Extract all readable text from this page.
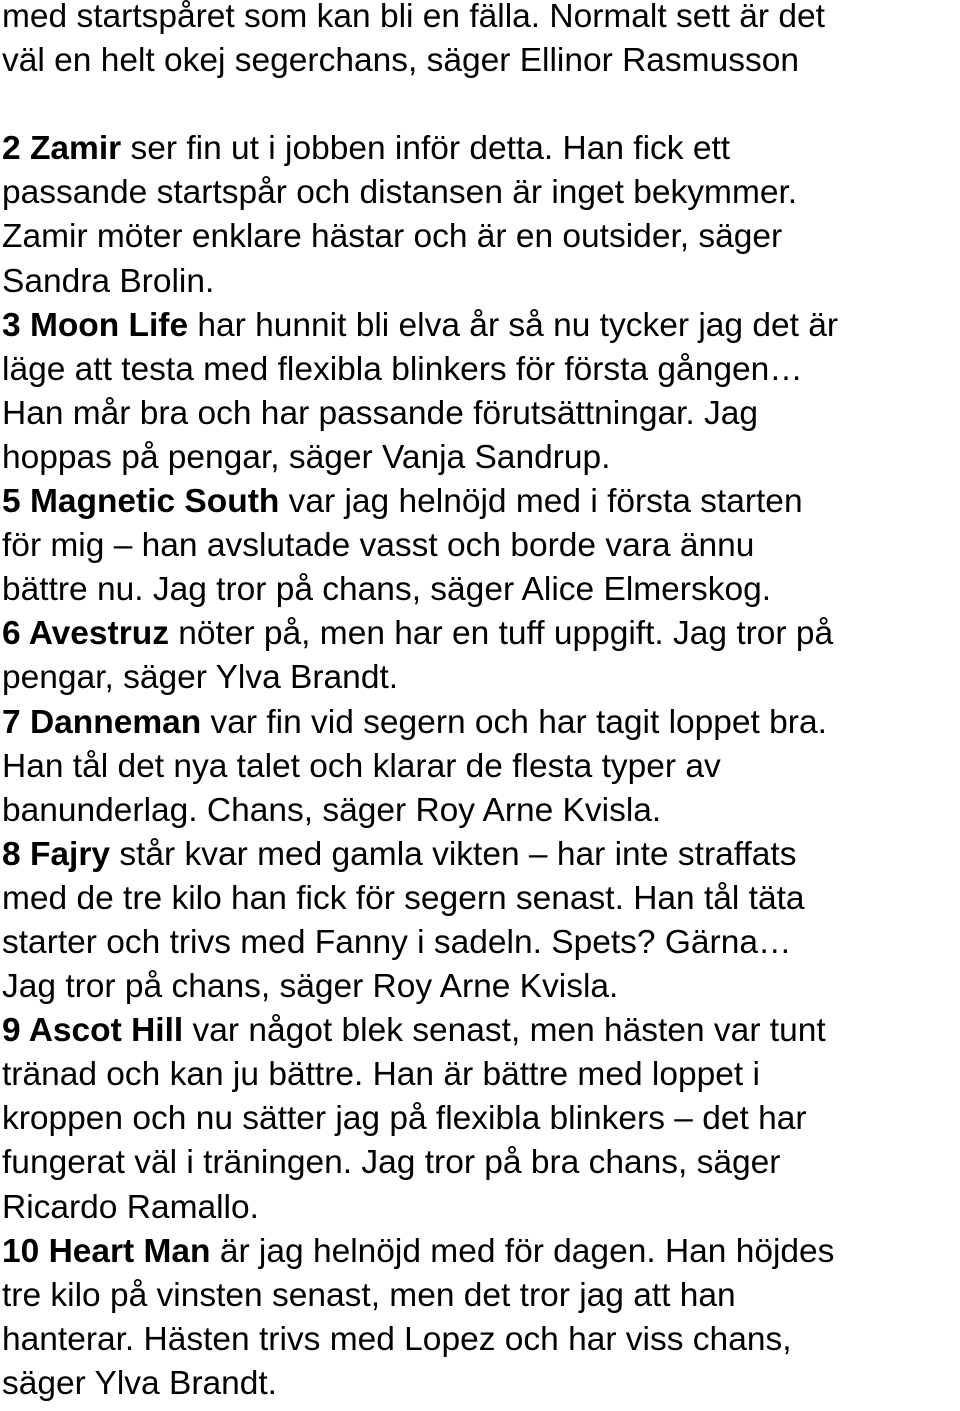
med startspåret som kan bli en fälla. Normalt sett är det
väl en helt okej segerchans, säger Ellinor Rasmusson
2 Zamir ser fin ut i jobben inför detta. Han fick ett
passande startspår och distansen är inget bekymmer.
Zamir möter enklare hästar och är en outsider, säger
Sandra Brolin.
3 Moon Life har hunnit bli elva år så nu tycker jag det är
läge att testa med flexibla blinkers för första gången…
Han mår bra och har passande förutsättningar. Jag
hoppas på pengar, säger Vanja Sandrup.
5 Magnetic South var jag helnöjd med i första starten
för mig – han avslutade vasst och borde vara ännu
bättre nu. Jag tror på chans, säger Alice Elmerskog.
6 Avestruz nöter på, men har en tuff uppgift. Jag tror på
pengar, säger Ylva Brandt.
7 Danneman var fin vid segern och har tagit loppet bra.
Han tål det nya talet och klarar de flesta typer av
banunderlag. Chans, säger Roy Arne Kvisla.
8 Fajry står kvar med gamla vikten – har inte straffats
med de tre kilo han fick för segern senast. Han tål täta
starter och trivs med Fanny i sadeln. Spets? Gärna…
Jag tror på chans, säger Roy Arne Kvisla.
9 Ascot Hill var något blek senast, men hästen var tunt
tränad och kan ju bättre. Han är bättre med loppet i
kroppen och nu sätter jag på flexibla blinkers – det har
fungerat väl i träningen. Jag tror på bra chans, säger
Ricardo Ramallo.
10 Heart Man är jag helnöjd med för dagen. Han höjdes
tre kilo på vinsten senast, men det tror jag att han
hanterar. Hästen trivs med Lopez och har viss chans,
säger Ylva Brandt.
